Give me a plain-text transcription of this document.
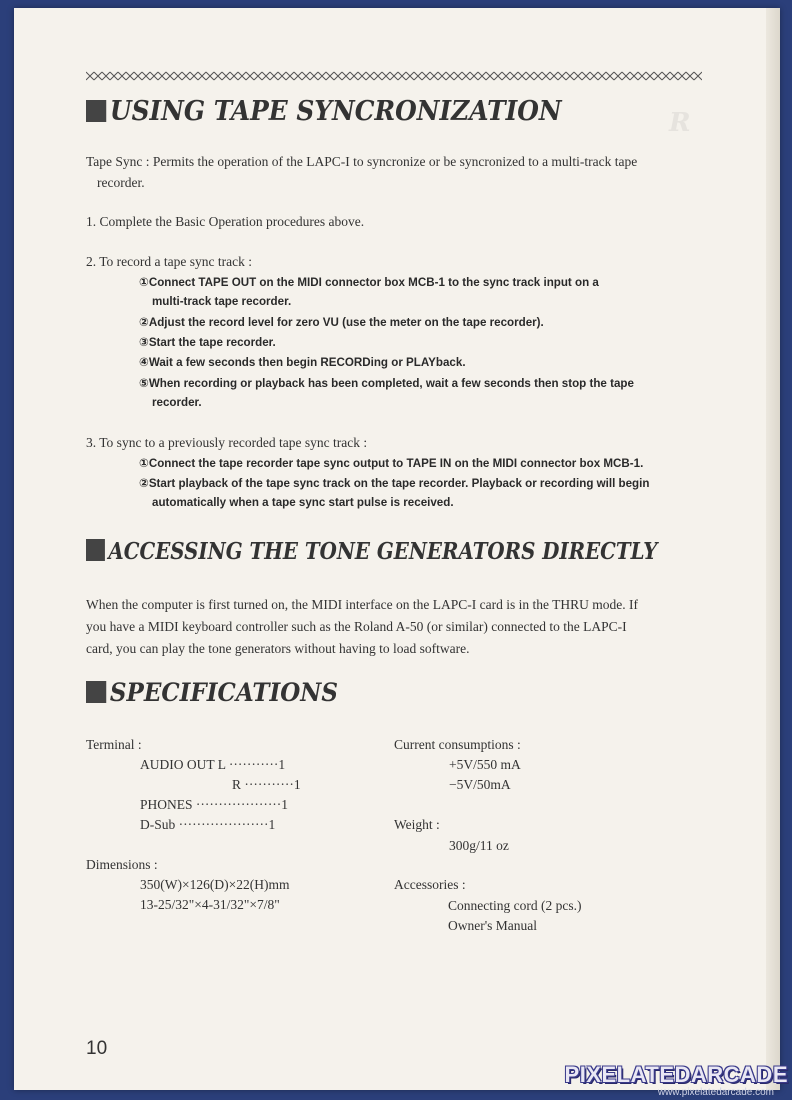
R
USING TAPE SYNCRONIZATION
Tape Sync : Permits the operation of the LAPC-I to syncronize or be syncronized to a multi-track tape
recorder.
1. Complete the Basic Operation procedures above.
2. To record a tape sync track :
①Connect TAPE OUT on the MIDI connector box MCB-1 to the sync track input on a
multi-track tape recorder.
②Adjust the record level for zero VU (use the meter on the tape recorder).
③Start the tape recorder.
④Wait a few seconds then begin RECORDing or PLAYback.
⑤When recording or playback has been completed, wait a few seconds then stop the tape
recorder.
3. To sync to a previously recorded tape sync track :
①Connect the tape recorder tape sync output to TAPE IN on the MIDI connector box MCB-1.
②Start playback of the tape sync track on the tape recorder. Playback or recording will begin
automatically when a tape sync start pulse is received.
ACCESSING THE TONE GENERATORS DIRECTLY
When the computer is first turned on, the MIDI interface on the LAPC-I card is in the THRU mode. If
you have a MIDI keyboard controller such as the Roland A-50 (or similar) connected to the LAPC-I
card, you can play the tone generators without having to load software.
SPECIFICATIONS
Terminal :
AUDIO OUT L ···········1
R ···········1
PHONES ···················1
D-Sub ····················1
Dimensions :
350(W)×126(D)×22(H)mm
13-25/32"×4-31/32"×7/8"
Current consumptions :
+5V/550 mA
−5V/50mA
Weight :
300g/11 oz
Accessories :
Connecting cord (2 pcs.)
Owner's Manual
10
PIXELATEDARCADE
www.pixelatedarcade.com
